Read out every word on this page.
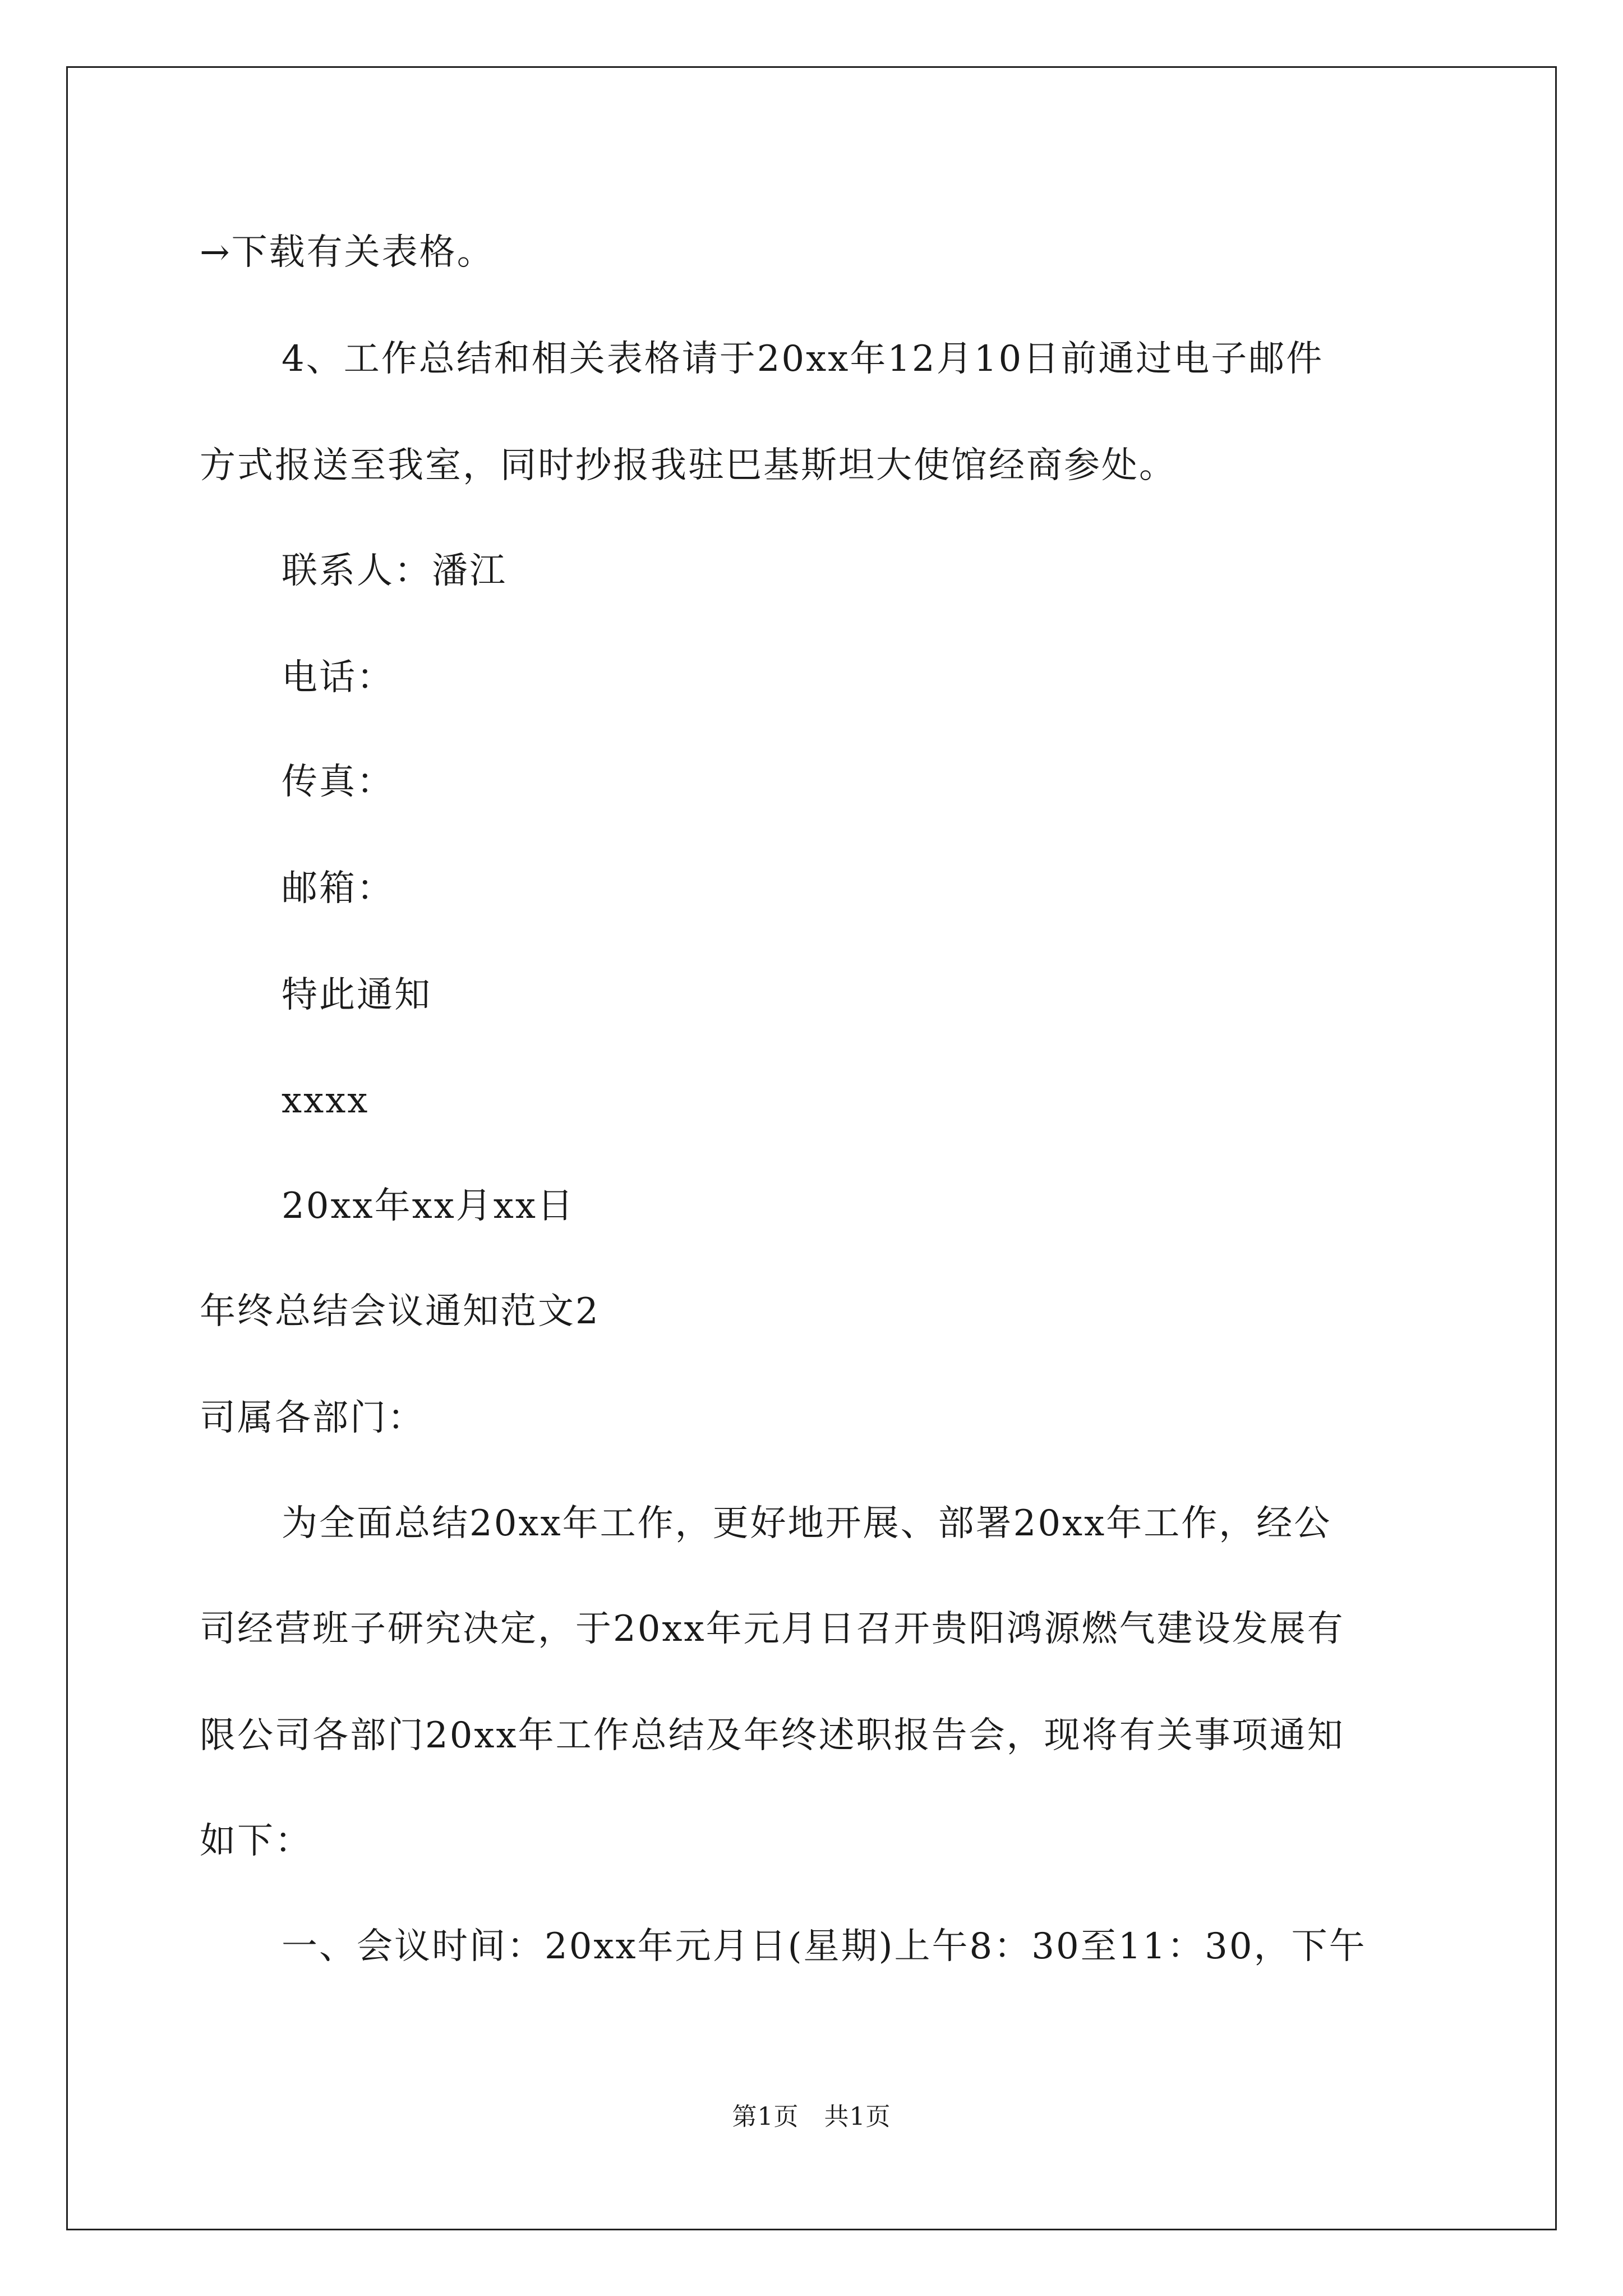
→下载有关表格。
4、工作总结和相关表格请于20xx年12月10日前通过电子邮件
方式报送至我室，同时抄报我驻巴基斯坦大使馆经商参处。
联系人：潘江
电话：
传真：
邮箱：
特此通知
xxxx
20xx年xx月xx日
年终总结会议通知范文2
司属各部门：
为全面总结20xx年工作，更好地开展、部署20xx年工作，经公
司经营班子研究决定，于20xx年元月日召开贵阳鸿源燃气建设发展有
限公司各部门20xx年工作总结及年终述职报告会，现将有关事项通知
如下：
一、会议时间：20xx年元月日(星期)上午8：30至11：30，下午
第1页　共1页
